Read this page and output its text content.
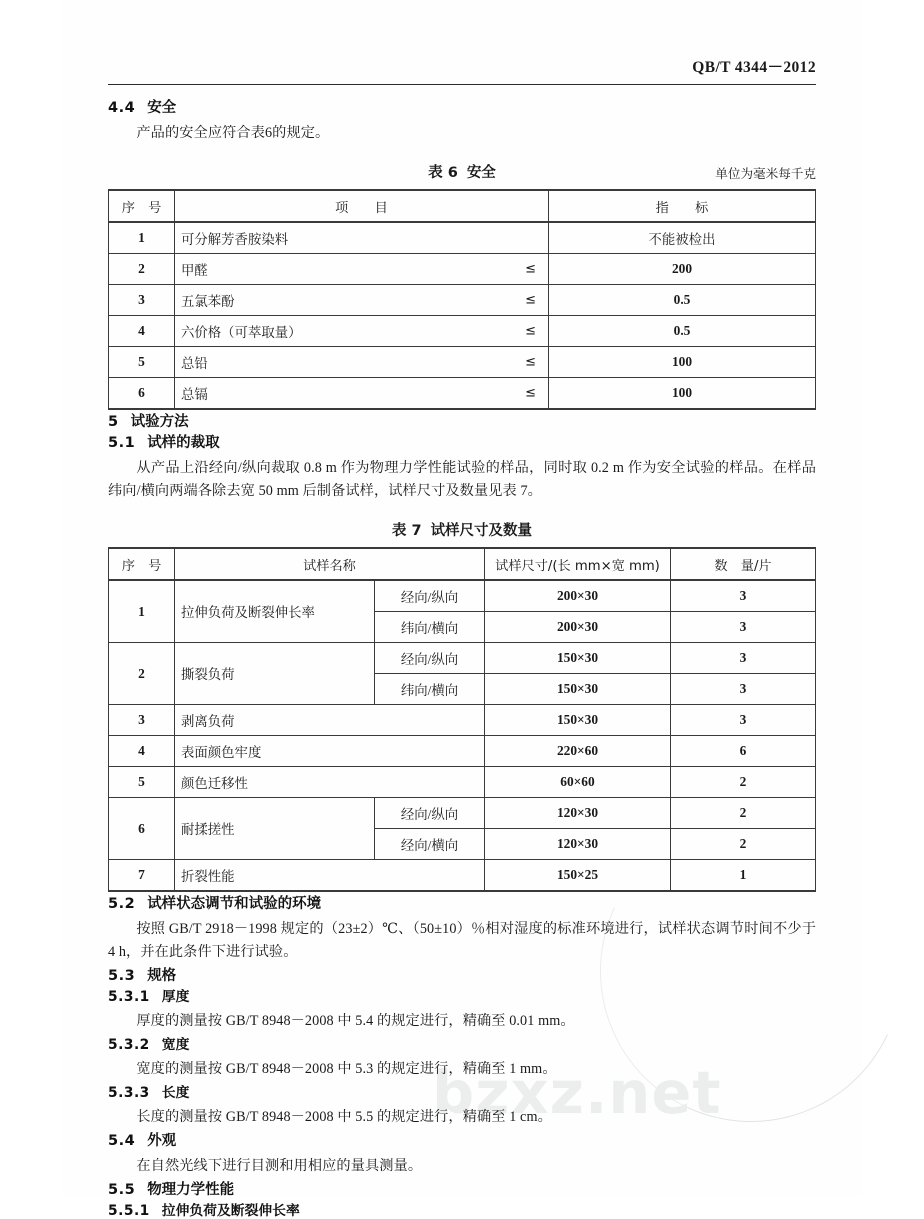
bzxz.net
QB/T 4344－2012
4.4 安全

产品的安全应符合表6的规定。

表 6 安全	单位为毫米每千克
序　号	项　　目	指　　标
1	可分解芳香胺染料	不能被检出
2	甲醛 ≤	200
3	五氯苯酚 ≤	0.5
4	六价格（可萃取量） ≤	0.5
5	总铅 ≤	100
6	总镉 ≤	100
5 试验方法
5.1 试样的裁取

从产品上沿经向/纵向裁取 0.8 m 作为物理力学性能试验的样品，同时取 0.2 m 作为安全试验的样品。在样品纬向/横向两端各除去宽 50 mm 后制备试样，试样尺寸及数量见表 7。

表 7 试样尺寸及数量
序　号	试样名称		试样尺寸/(长 mm×宽 mm)	数　量/片
1	拉伸负荷及断裂伸长率	经向/纵向	200×30	3
		纬向/横向	200×30	3
2	撕裂负荷	经向/纵向	150×30	3
		纬向/横向	150×30	3
3	剥离负荷		150×30	3
4	表面颜色牢度		220×60	6
5	颜色迁移性		60×60	2
6	耐揉搓性	经向/纵向	120×30	2
		经向/横向	120×30	2
7	折裂性能		150×25	1
5.2 试样状态调节和试验的环境

按照 GB/T 2918－1998 规定的（23±2）℃、（50±10）％相对湿度的标准环境进行，试样状态调节时间不少于 4 h，并在此条件下进行试验。

5.3 规格
5.3.1 厚度

厚度的测量按 GB/T 8948－2008 中 5.4 的规定进行，精确至 0.01 mm。

5.3.2 宽度

宽度的测量按 GB/T 8948－2008 中 5.3 的规定进行，精确至 1 mm。

5.3.3 长度

长度的测量按 GB/T 8948－2008 中 5.5 的规定进行，精确至 1 cm。

5.4 外观

在自然光线下进行目测和用相应的量具测量。

5.5 物理力学性能
5.5.1 拉伸负荷及断裂伸长率
